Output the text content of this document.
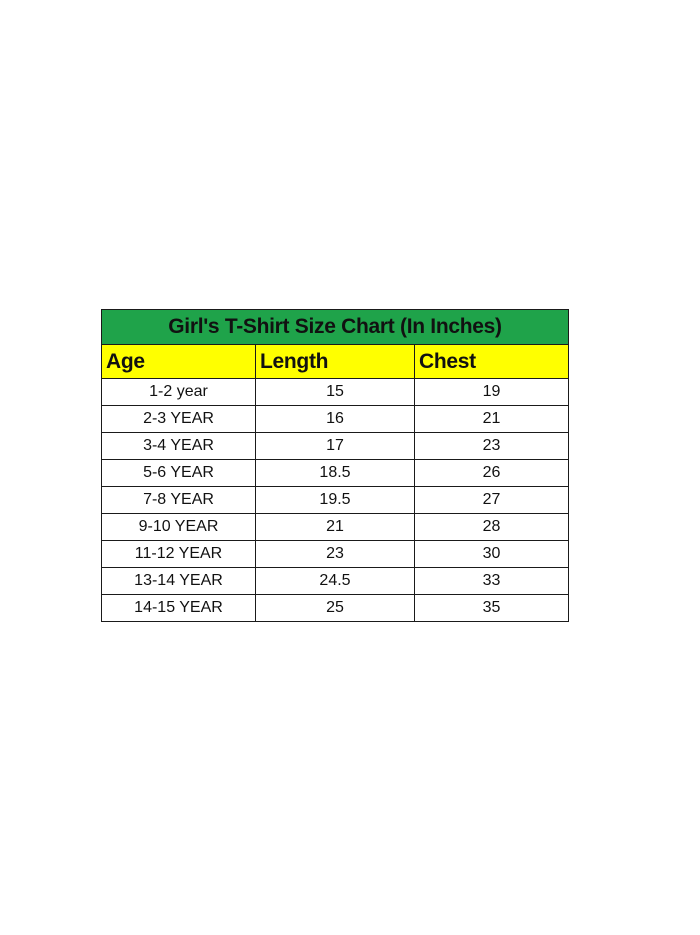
Girl's T-Shirt Size Chart (In Inches)		
Age	Length	Chest
1-2 year	15	19
2-3 YEAR	16	21
3-4 YEAR	17	23
5-6 YEAR	18.5	26
7-8 YEAR	19.5	27
9-10 YEAR	21	28
11-12 YEAR	23	30
13-14 YEAR	24.5	33
14-15 YEAR	25	35
